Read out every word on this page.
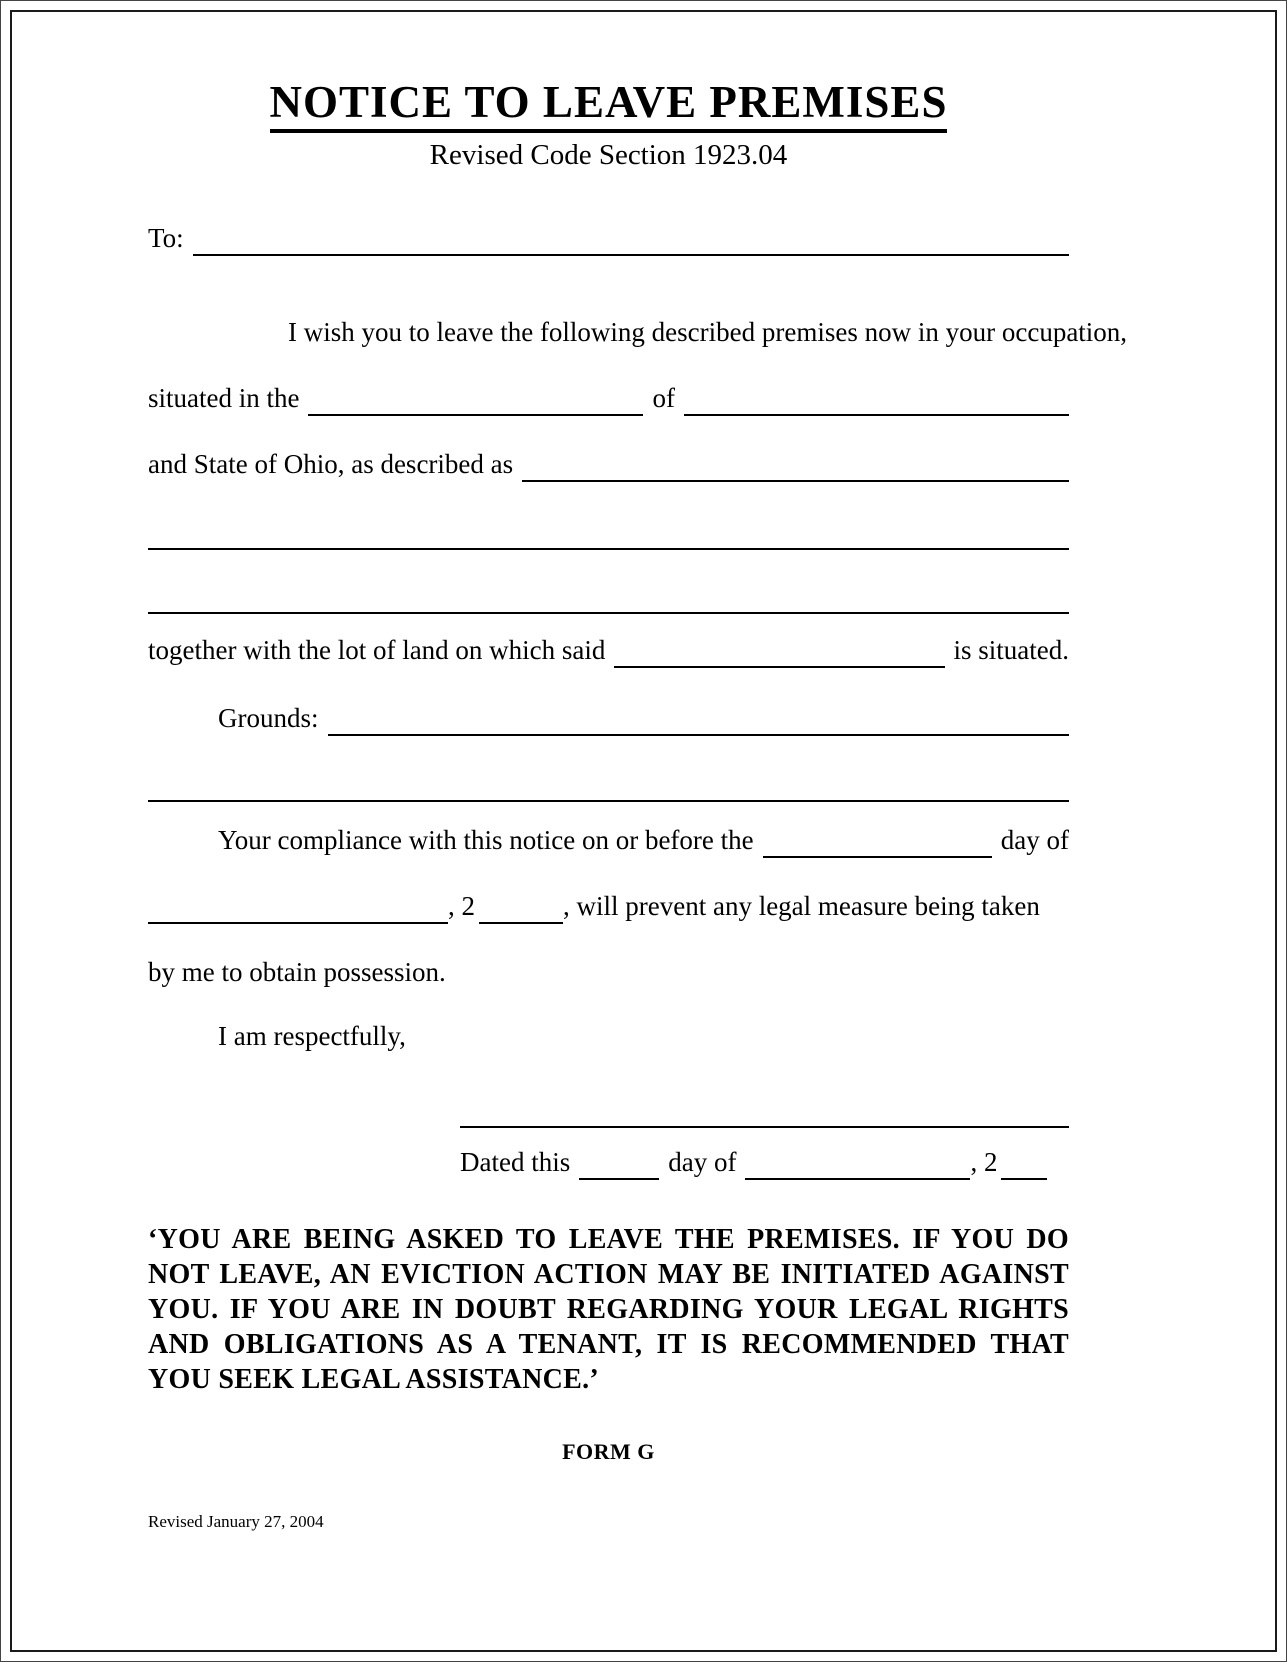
NOTICE TO LEAVE PREMISES
Revised Code Section 1923.04
To:
I wish you to leave the following described premises now in your occupation,
situated in the	of
and State of Ohio, as described as
together with the lot of land on which said	is situated.
Grounds:
Your compliance with this notice on or before the	day of
, 2	, will prevent any legal measure being taken
by me to obtain possession.
I am respectfully,
Dated this	day of	, 2
‘YOU ARE BEING ASKED TO LEAVE THE PREMISES. IF YOU DO NOT LEAVE, AN EVICTION ACTION MAY BE INITIATED AGAINST YOU. IF YOU ARE IN DOUBT REGARDING YOUR LEGAL RIGHTS AND OBLIGATIONS AS A TENANT, IT IS RECOMMENDED THAT YOU SEEK LEGAL ASSISTANCE.’
FORM G
Revised January 27, 2004
